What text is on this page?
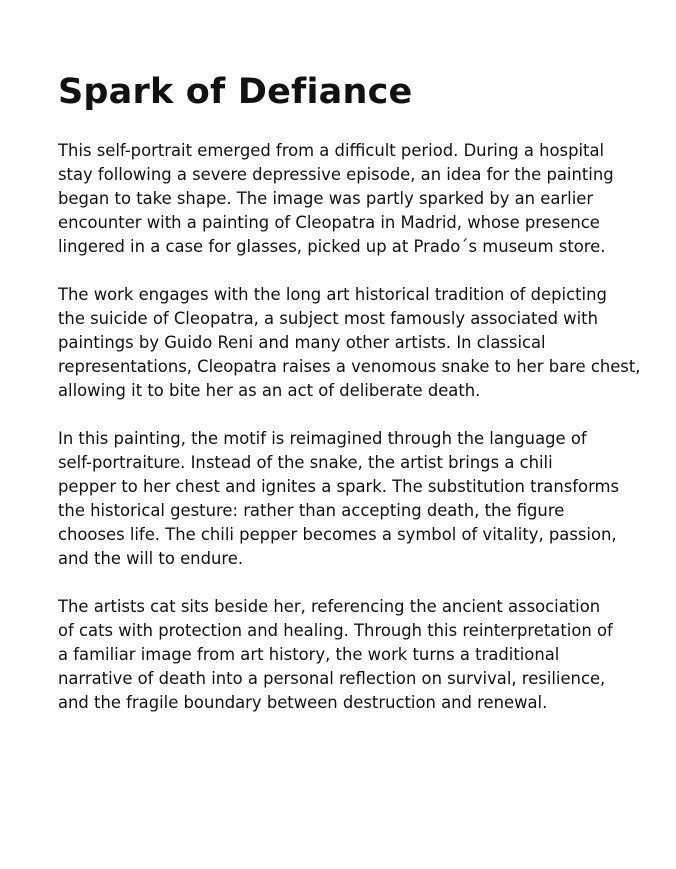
Spark of Defiance

This self-portrait emerged from a difficult period. During a hospital
stay following a severe depressive episode, an idea for the painting
began to take shape. The image was partly sparked by an earlier
encounter with a painting of Cleopatra in Madrid, whose presence
lingered in a case for glasses, picked up at Prado´s museum store.

The work engages with the long art historical tradition of depicting
the suicide of Cleopatra, a subject most famously associated with
paintings by Guido Reni and many other artists. In classical
representations, Cleopatra raises a venomous snake to her bare chest,
allowing it to bite her as an act of deliberate death.

In this painting, the motif is reimagined through the language of
self-portraiture. Instead of the snake, the artist brings a chili
pepper to her chest and ignites a spark. The substitution transforms
the historical gesture: rather than accepting death, the figure
chooses life. The chili pepper becomes a symbol of vitality, passion,
and the will to endure.

The artists cat sits beside her, referencing the ancient association
of cats with protection and healing. Through this reinterpretation of
a familiar image from art history, the work turns a traditional
narrative of death into a personal reflection on survival, resilience,
and the fragile boundary between destruction and renewal.
